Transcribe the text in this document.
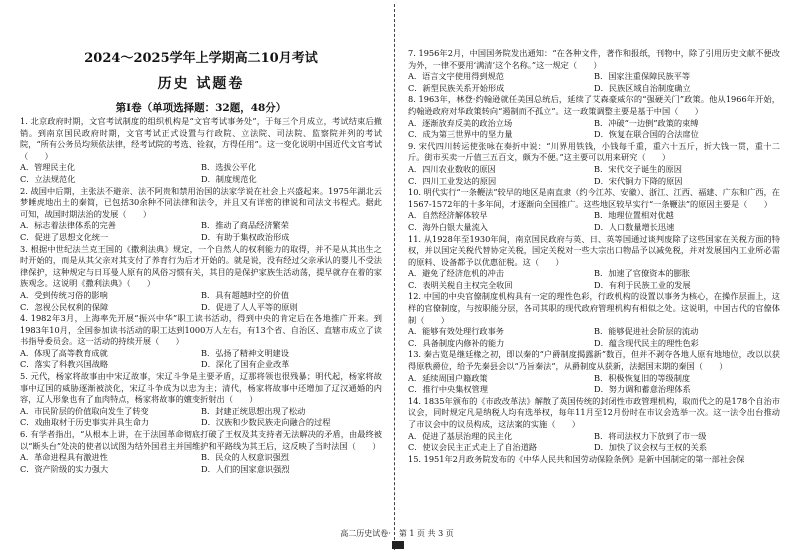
2024～2025学年上学期高二10月考试
历史 试题卷
第Ⅰ卷（单项选择题：32题，48分）
1. 北京政府时期，文官考试制度的组织机构是“文官考试事务处”，于每三个月成立，考试结束后撤销。到南京国民政府时期，文官考试正式设置与行政院、立法院、司法院、监察院并列的考试院，“所有公务员均须依法律，经考试院的考选、铨叙，方得任用”。这一变化说明中国近代文官考试（　　）
A．管理民主化	B．选拔公平化
C．立法规范化	D．制度规范化
2. 战国中后期，主张法不避亲、法不阿贵和禁用治国的法家学说在社会上兴盛起来。1975年湖北云梦睡虎地出土的秦简，已包括30余种不同法律和法令，并且又有详密的律说和司法文书程式。据此可知，战国时期法治的发展（　　）
A．标志着法律体系的完善	B．推动了商品经济繁荣
C．促进了思想文化统一	D．有助于集权政治形成
3. 根据中世纪法兰克王国的《撒利法典》规定，一个自然人的权利能力的取得，并不是从其出生之时开始的，而是从其父亲对其支付了养育行为后才开始的。就是说，没有经过父亲承认的婴儿不受法律保护，这种规定与日耳曼人原有的风俗习惯有关，其目的是保护家族生活动荡，提早就存在着的家族观念。这说明《撒利法典》（　　）
A．受到传统习俗的影响	B．具有超越时空的价值
C．忽视公民权利的保障	D．促进了人人平等的原则
4. 1982年3月，上海率先开展“振兴中华”职工读书活动，得到中央的肯定后在各地推广开来。到1983年10月，全国参加读书活动的职工达到1000万人左右，有13个省、自治区、直辖市成立了读书指导委员会。这一活动的持续开展（　　）
A．体现了高等教育成就	B．弘扬了精神文明建设
C．落实了科教兴国战略	D．深化了国有企业改革
5. 元代，杨家将故事由中宋辽故事，宋辽斗争是主要矛盾，辽那将领也很残暴；明代起，杨家将故事中辽国的威胁逐渐被淡化，宋辽斗争成为以忠为主；清代，杨家将故事中还增加了辽汉通婚的内容，辽人形象也有了血肉特点，杨家将故事的嬗变折射出（　　）
A．市民阶层的价值取向发生了转变	B．封建正统思想出现了松动
C．戏曲取材于历史事实并具生命力	D．汉族和少数民族走向融合的过程
6. 有学者指出，“从根本上讲，在于法国革命彻底打破了王权及其支持者无法解决的矛盾，由最终被以“断头台”处决的使者以试图为结外国君主并国维护和平路线为其王后，这反映了当时法国（　　）
A．革命进程具有激进性	B．民众的人权意识强烈
C．资产阶级的实力强大	D．人们的国家意识强烈
7. 1956年2月，中国国务院发出通知：“在各种文件，著作和报纸，刊物中，除了引用历史文献不便改为外，一律不要用‘满清’这个名称。”这一规定（　　）
A．语言文字使用得到规范	B．国家注重保障民族平等
C．新型民族关系开始形成	D．民族区域自治制度确立
8. 1963年，林登·约翰逊就任美国总统后，延续了艾森豪威尔的“强硬关门”政策。他从1966年开始，约翰逊政府对华政策转向“遏制而不孤立”。这一政策调整主要是基于中国（　　）
A．逐渐放弃反美的政治立场	B．冲破“一边倒”政策的束缚
C．成为第三世界中的坚力量	D．恢复在联合国的合法席位
9. 宋代四川转运使张咏在奏折中说：“川界用铁钱，小钱每千重，重六十五斤，折大钱一贯，重十二斤。街市买卖一斤值三五百文，颇为不便。”这主要可以用来研究（　　）
A．四川农业数收的原因	B．宋代交子诞生的原因
C．四川工业发达的原因	D．宋代铜力下降的原因
10. 明代实行“一条鞭法”较早的地区是南直隶（约今江苏、安徽）、浙江、江西、福建、广东和广西，在1567-1572年的十多年间，才逐渐向全国推广。这些地区较早实行“一条鞭法”的原因主要是（　　）
A．自然经济解体较早	B．地理位置相对优越
C．海外白银大量流入	D．人口数量增长迅速
11. 从1928年至1930年间，南京国民政府与英、日、英等国通过谈判废除了这些国家在关税方面的特权，并以国定关税代替协定关税，国定关税对一些大宗出口物品予以减免税，并对发展国内工业所必需的原料、设备都予以优惠征税。这（　　）
A．避免了经济危机的冲击	B．加速了官僚资本的膨胀
C．表明关税自主权完全收回	D．有利于民族工业的发展
12. 中国的中央官僚制度机构具有一定的理性色彩，行政机构的设置以事务为核心，在操作层面上，这样的官僚制度，与按职能分层，各司其职的现代政府管理机构有相似之处。这说明，中国古代的官僚体制（　　）
A．能够有效处理行政事务	B．能够促进社会阶层的流动
C．具备制度内修补的能力	D．蕴含现代民主的理性色彩
13. 秦古览是继廷椽之初，即以秦的“户爵制度揭露新”数百，但并不剥夺各地人原有地地位，改以以获得原秩爵位，给予先秦县会以“乃旨秦法”，从爵制度从获新，法据国末期的秦国（　　）
A．延续周国户籍政策	B．积极恢复旧的等级制度
C．推行中央集权管理	D．努力调和蓄意治理体系
14. 1835年颁布的《市政改革法》解散了英国传统的封闭性市政管理机构，取而代之的是178个自治市议会，同时规定凡是纳税人均有选举权，每年11月至12月份时在市议会选举一次。这一法令出台推动了市议会中的议员构成，这法案的实施（　　）
A．促进了基层治理的民主化	B．将司法权力下放到了市一级
C．使议会民主正式走上了自治道路	D．加快了议会权与王权的关系
15. 1951年2月政务院发布的《中华人民共和国劳动保险条例》是新中国制定的第一部社会保
高二历史试卷·　第 1 页 共 3 页
